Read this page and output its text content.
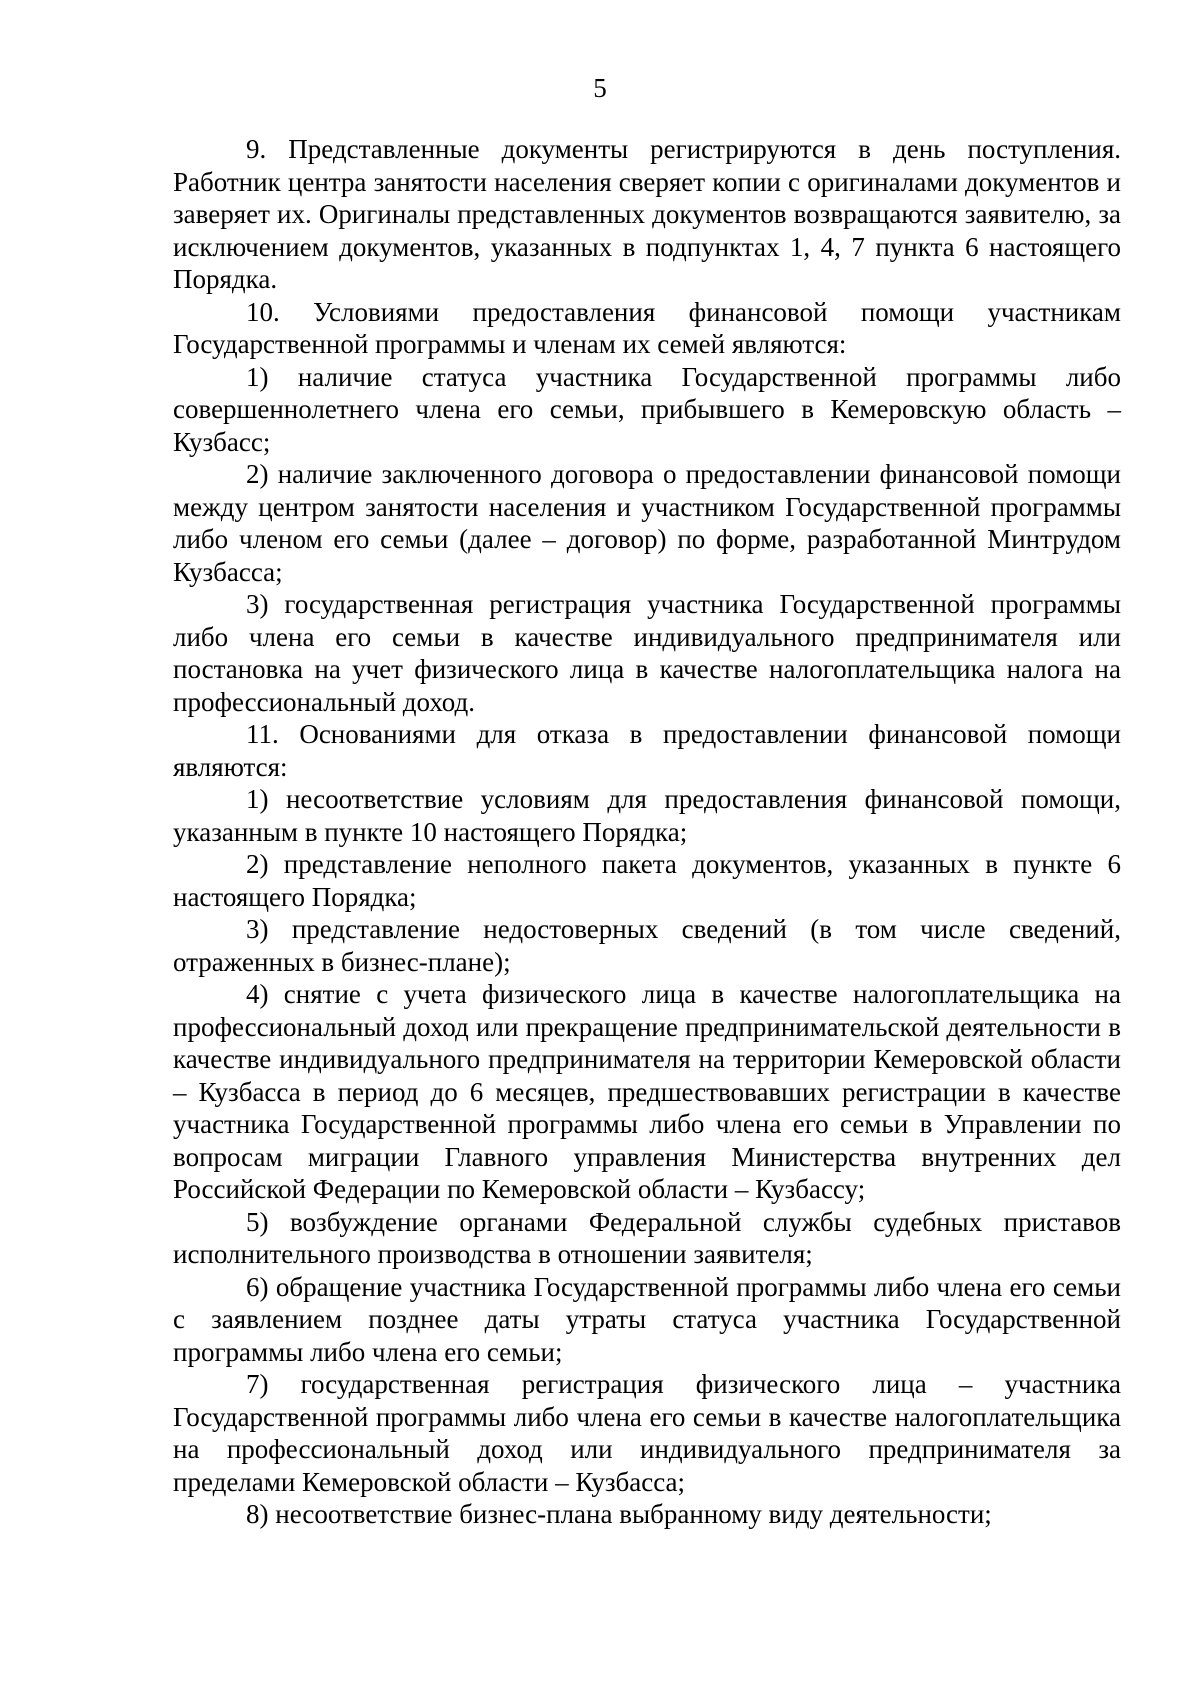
5

9. Представленные документы регистрируются в день поступления. Работник центра занятости населения сверяет копии с оригиналами документов и заверяет их. Оригиналы представленных документов возвращаются заявителю, за исключением документов, указанных в подпунктах 1, 4, 7 пункта 6 настоящего Порядка.

10. Условиями предоставления финансовой помощи участникам Государственной программы и членам их семей являются:

1) наличие статуса участника Государственной программы либо совершеннолетнего члена его семьи, прибывшего в Кемеровскую область – Кузбасс;

2) наличие заключенного договора о предоставлении финансовой помощи между центром занятости населения и участником Государственной программы либо членом его семьи (далее – договор) по форме, разработанной Минтрудом Кузбасса;

3) государственная регистрация участника Государственной программы либо члена его семьи в качестве индивидуального предпринимателя или постановка на учет физического лица в качестве налогоплательщика налога на профессиональный доход.

11. Основаниями для отказа в предоставлении финансовой помощи являются:

1) несоответствие условиям для предоставления финансовой помощи, указанным в пункте 10 настоящего Порядка;

2) представление неполного пакета документов, указанных в пункте 6 настоящего Порядка;

3) представление недостоверных сведений (в том числе сведений, отраженных в бизнес-плане);

4) снятие с учета физического лица в качестве налогоплательщика на профессиональный доход или прекращение предпринимательской деятельности в качестве индивидуального предпринимателя на территории Кемеровской области – Кузбасса в период до 6 месяцев, предшествовавших регистрации в качестве участника Государственной программы либо члена его семьи в Управлении по вопросам миграции Главного управления Министерства внутренних дел Российской Федерации по Кемеровской области – Кузбассу;

5) возбуждение органами Федеральной службы судебных приставов исполнительного производства в отношении заявителя;

6) обращение участника Государственной программы либо члена его семьи с заявлением позднее даты утраты статуса участника Государственной программы либо члена его семьи;

7) государственная регистрация физического лица – участника Государственной программы либо члена его семьи в качестве налогоплательщика на профессиональный доход или индивидуального предпринимателя за пределами Кемеровской области – Кузбасса;

8) несоответствие бизнес-плана выбранному виду деятельности;
